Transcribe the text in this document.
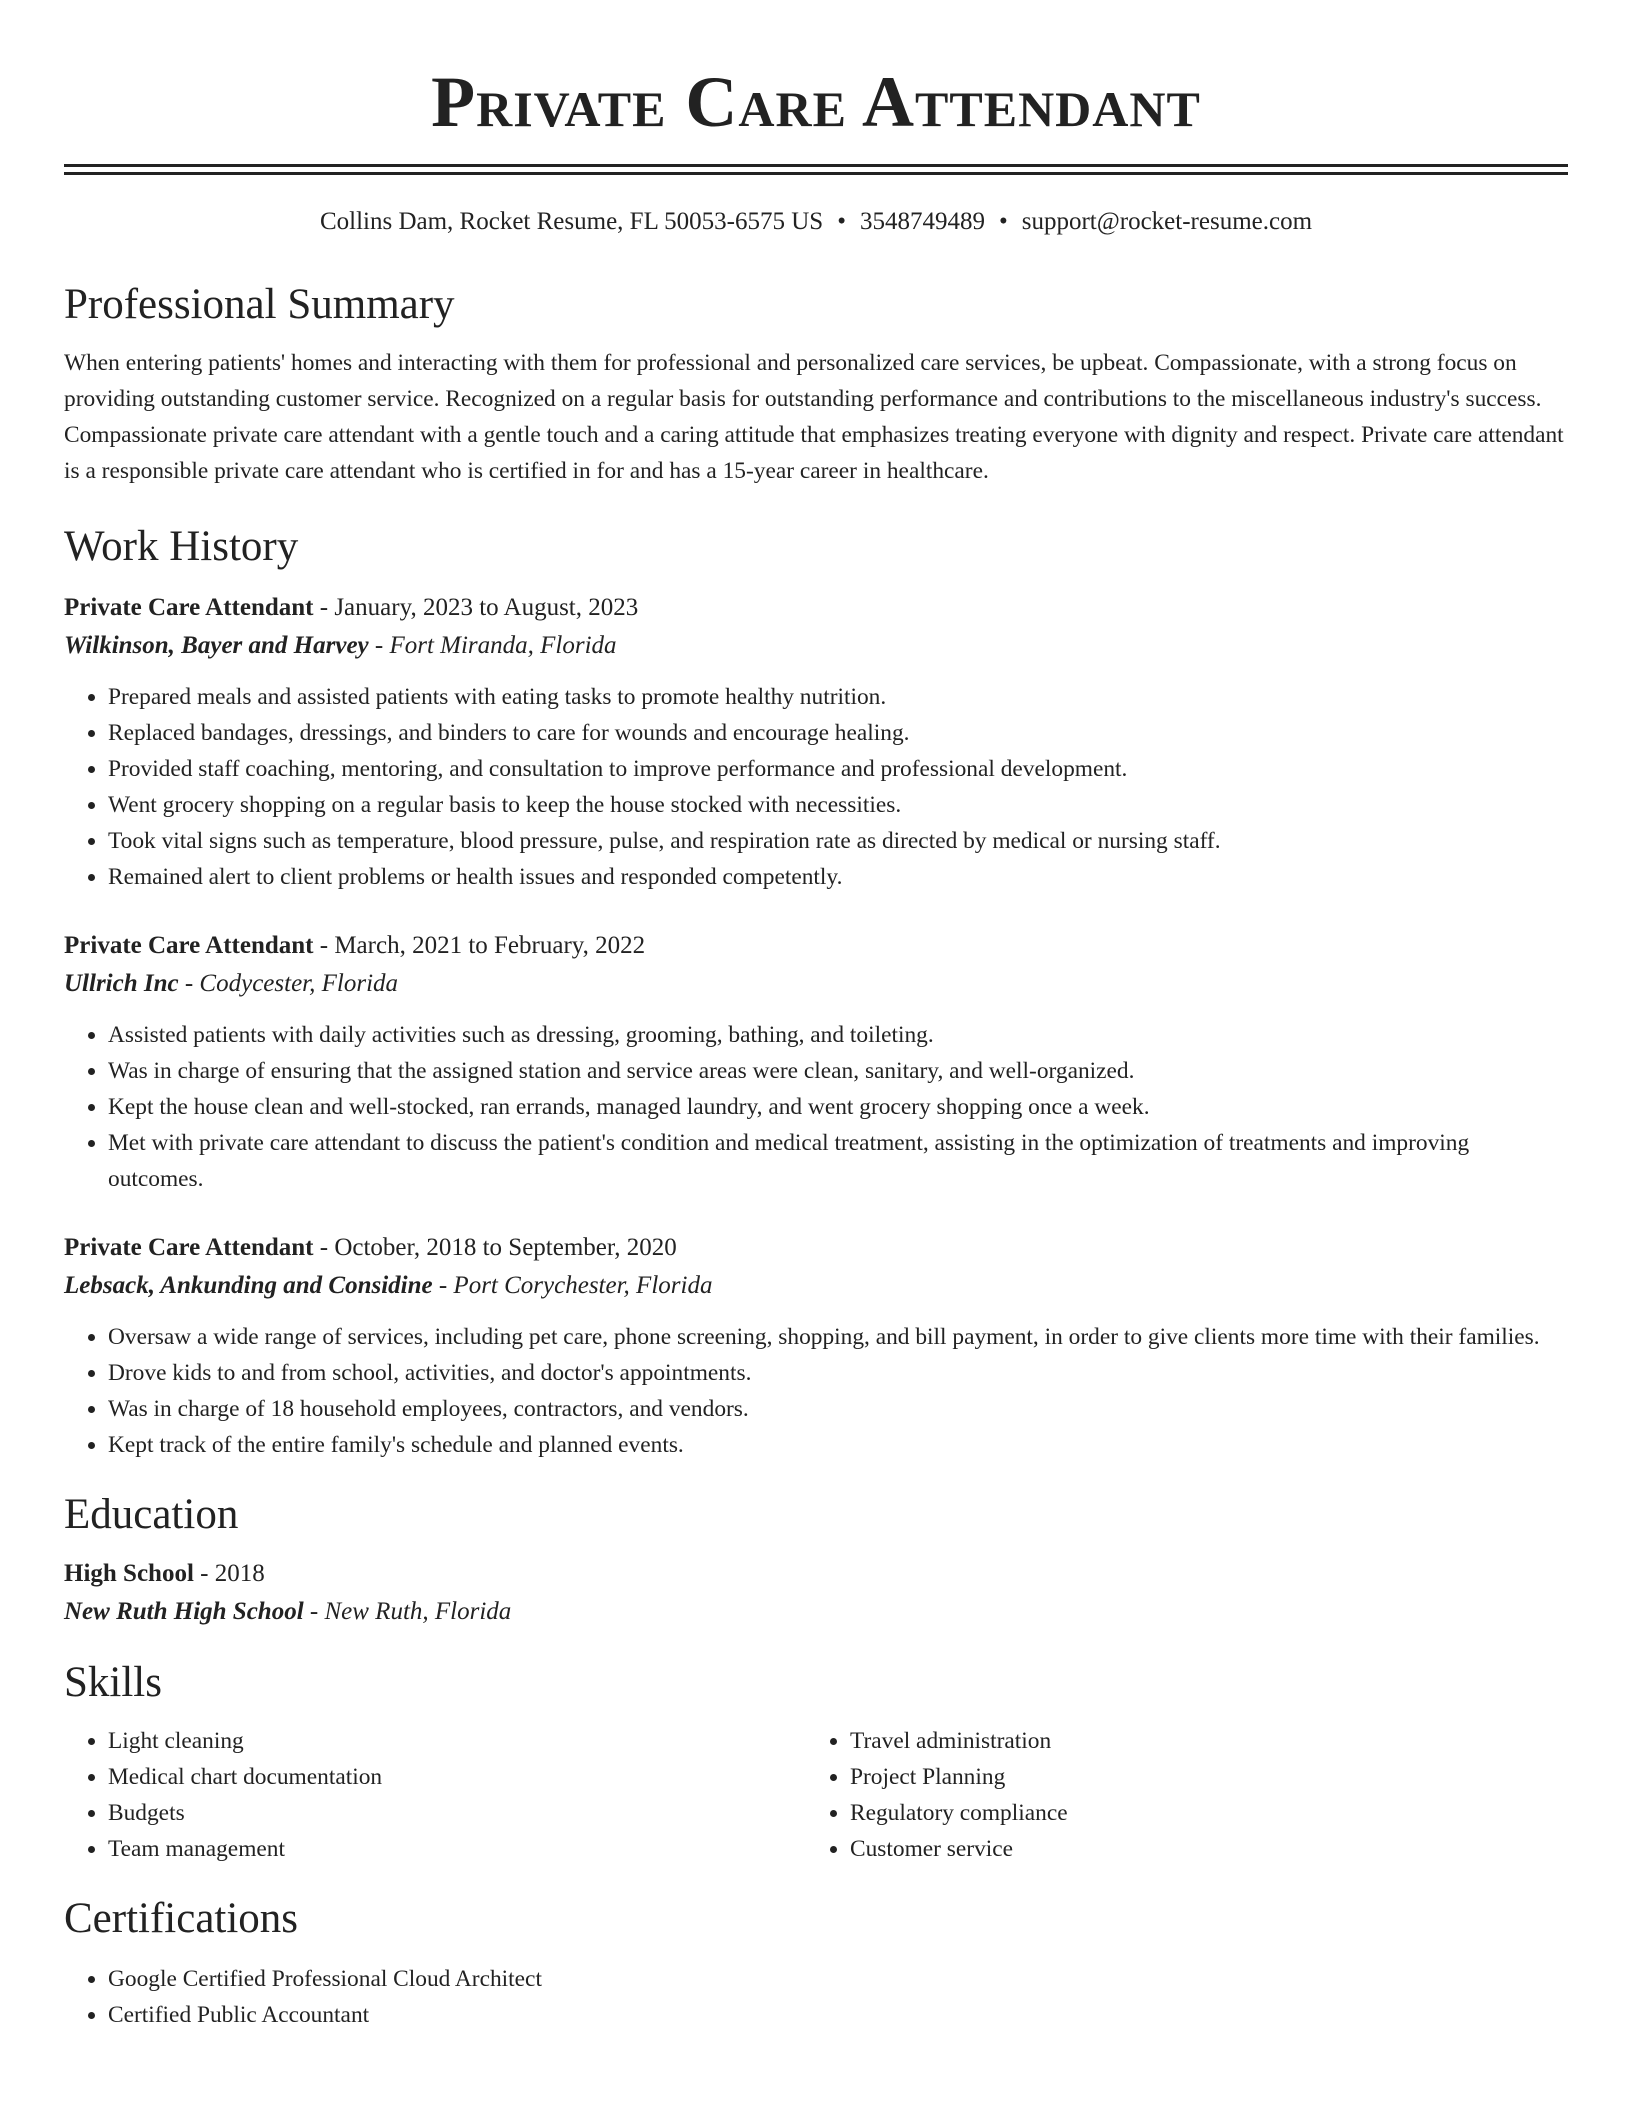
Private Care Attendant
Collins Dam, Rocket Resume, FL 50053-6575 US • 3548749489 • support@rocket-resume.com
Professional Summary
When entering patients' homes and interacting with them for professional and personalized care services, be upbeat. Compassionate, with a strong focus on providing outstanding customer service. Recognized on a regular basis for outstanding performance and contributions to the miscellaneous industry's success. Compassionate private care attendant with a gentle touch and a caring attitude that emphasizes treating everyone with dignity and respect. Private care attendant is a responsible private care attendant who is certified in for and has a 15-year career in healthcare.
Work History
Private Care Attendant - January, 2023 to August, 2023
Wilkinson, Bayer and Harvey - Fort Miranda, Florida
• Prepared meals and assisted patients with eating tasks to promote healthy nutrition.
• Replaced bandages, dressings, and binders to care for wounds and encourage healing.
• Provided staff coaching, mentoring, and consultation to improve performance and professional development.
• Went grocery shopping on a regular basis to keep the house stocked with necessities.
• Took vital signs such as temperature, blood pressure, pulse, and respiration rate as directed by medical or nursing staff.
• Remained alert to client problems or health issues and responded competently.
Private Care Attendant - March, 2021 to February, 2022
Ullrich Inc - Codycester, Florida
• Assisted patients with daily activities such as dressing, grooming, bathing, and toileting.
• Was in charge of ensuring that the assigned station and service areas were clean, sanitary, and well-organized.
• Kept the house clean and well-stocked, ran errands, managed laundry, and went grocery shopping once a week.
• Met with private care attendant to discuss the patient's condition and medical treatment, assisting in the optimization of treatments and improving outcomes.
Private Care Attendant - October, 2018 to September, 2020
Lebsack, Ankunding and Considine - Port Corychester, Florida
• Oversaw a wide range of services, including pet care, phone screening, shopping, and bill payment, in order to give clients more time with their families.
• Drove kids to and from school, activities, and doctor's appointments.
• Was in charge of 18 household employees, contractors, and vendors.
• Kept track of the entire family's schedule and planned events.
Education
High School - 2018
New Ruth High School - New Ruth, Florida
Skills
• Light cleaning
• Medical chart documentation
• Budgets
• Team management
• Travel administration
• Project Planning
• Regulatory compliance
• Customer service
Certifications
• Google Certified Professional Cloud Architect
• Certified Public Accountant
